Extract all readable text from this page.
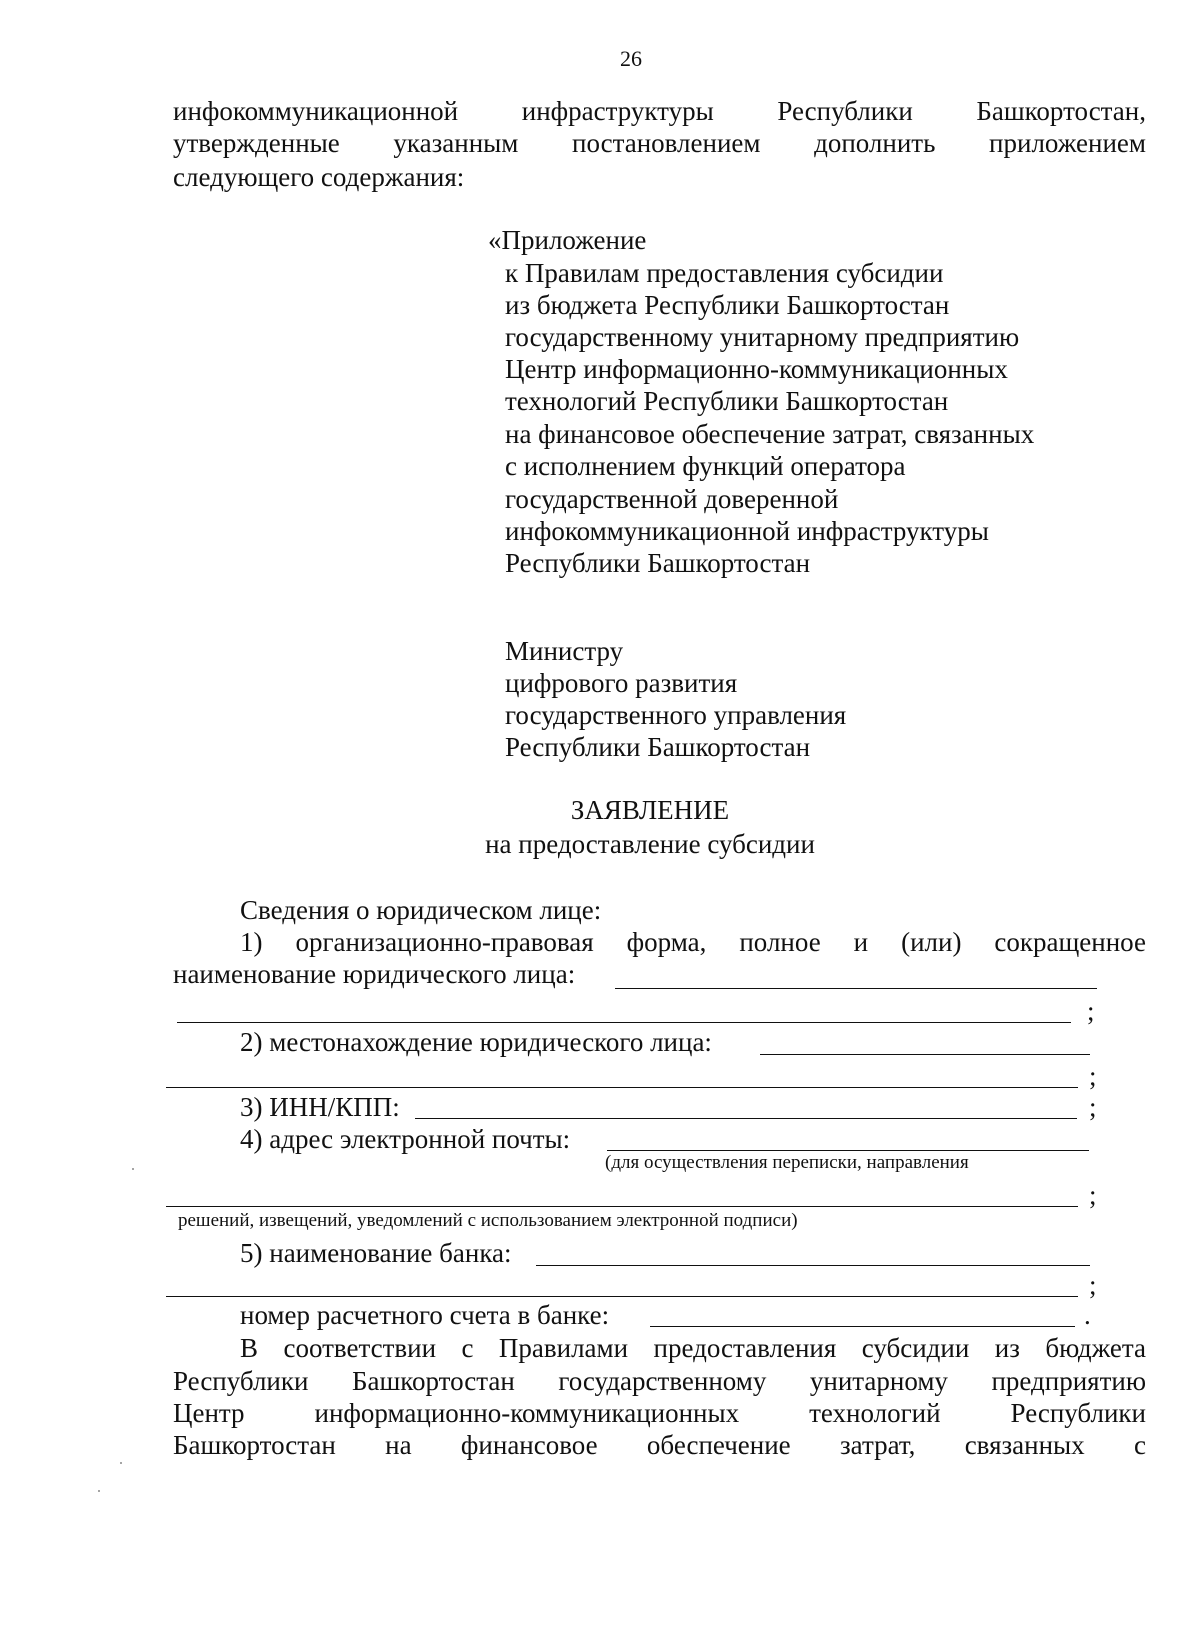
26
инфокоммуникационной инфраструктуры Республики Башкортостан,
утвержденные указанным постановлением дополнить приложением
следующего содержания:
«Приложение
к Правилам предоставления субсидии
из бюджета Республики Башкортостан
государственному унитарному предприятию
Центр информационно-коммуникационных
технологий Республики Башкортостан
на финансовое обеспечение затрат, связанных
с исполнением функций оператора
государственной доверенной
инфокоммуникационной инфраструктуры
Республики Башкортостан
Министру
цифрового развития
государственного управления
Республики Башкортостан
ЗАЯВЛЕНИЕ
на предоставление субсидии
Сведения о юридическом лице:
1) организационно-правовая форма, полное и (или) сокращенное
наименование юридического лица:
;
2) местонахождение юридического лица:
;
3) ИНН/КПП:	;
4) адрес электронной почты:
(для осуществления переписки, направления
;
решений, извещений, уведомлений с использованием электронной подписи)
5) наименование банка:
;
номер расчетного счета в банке:	.
В соответствии с Правилами предоставления субсидии из бюджета
Республики Башкортостан государственному унитарному предприятию
Центр информационно-коммуникационных технологий Республики
Башкортостан на финансовое обеспечение затрат, связанных с
